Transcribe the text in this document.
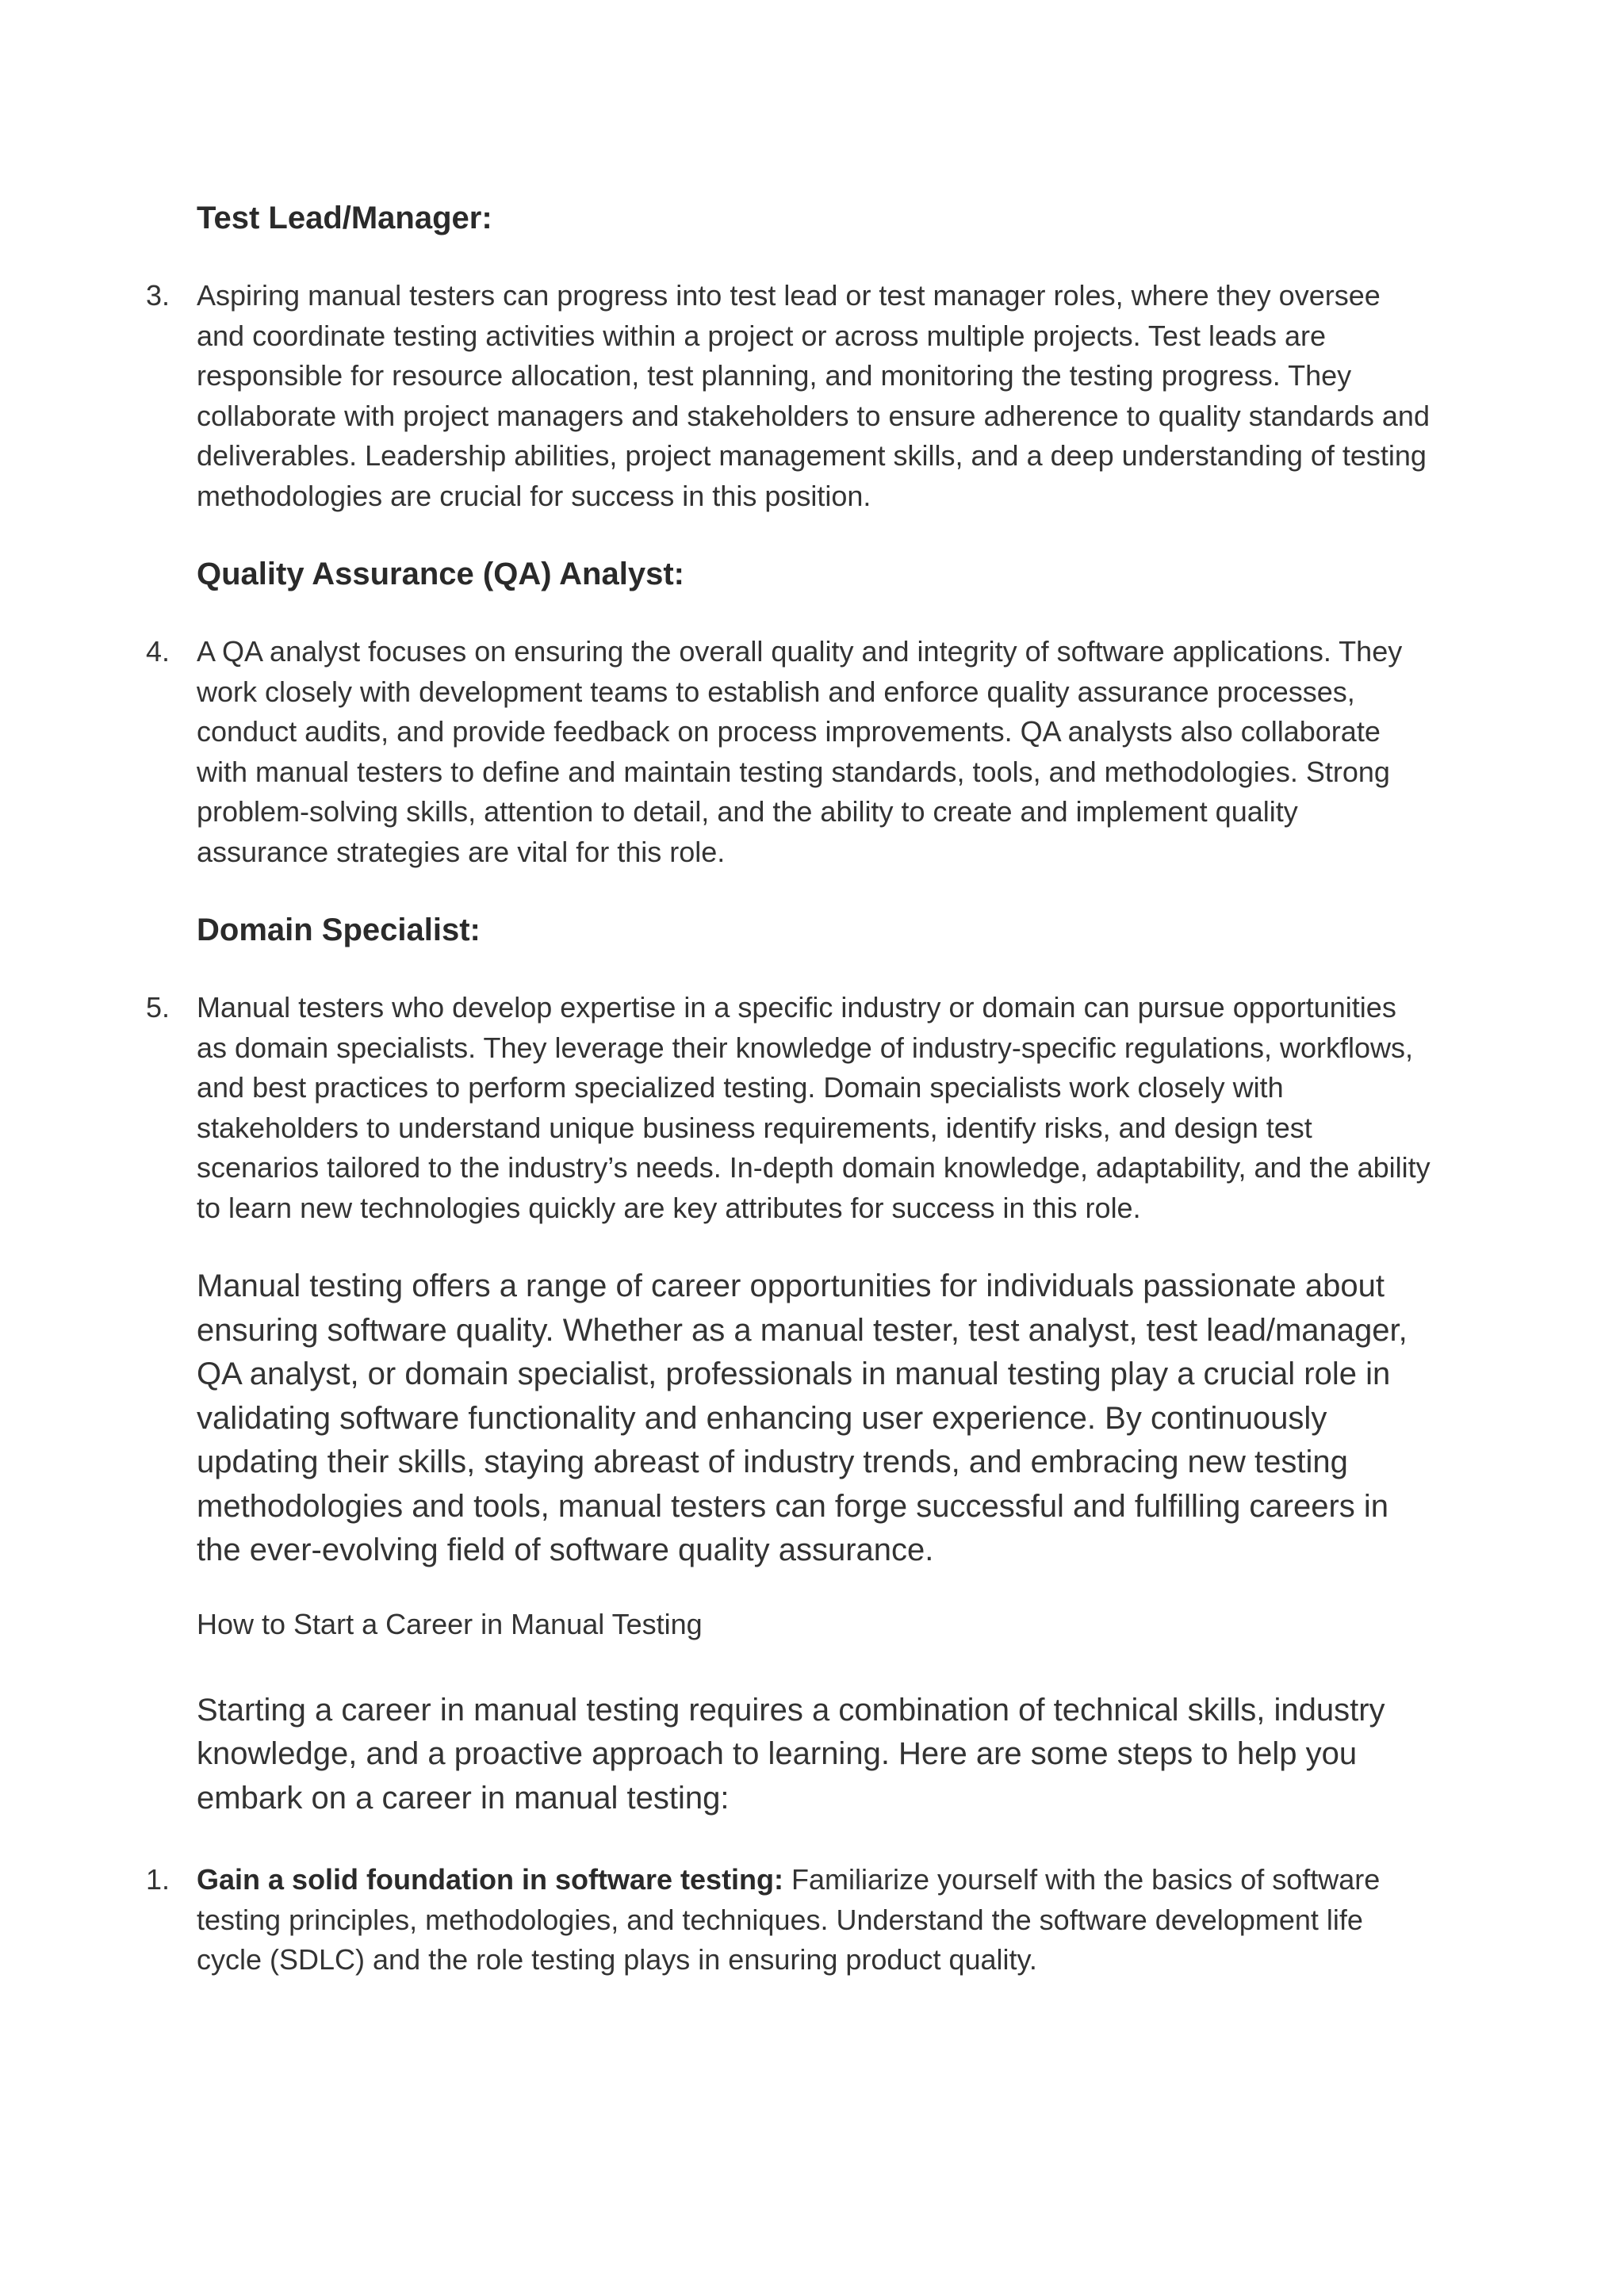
Test Lead/Manager:
3. Aspiring manual testers can progress into test lead or test manager roles, where they oversee and coordinate testing activities within a project or across multiple projects. Test leads are responsible for resource allocation, test planning, and monitoring the testing progress. They collaborate with project managers and stakeholders to ensure adherence to quality standards and deliverables. Leadership abilities, project management skills, and a deep understanding of testing methodologies are crucial for success in this position.
Quality Assurance (QA) Analyst:
4. A QA analyst focuses on ensuring the overall quality and integrity of software applications. They work closely with development teams to establish and enforce quality assurance processes, conduct audits, and provide feedback on process improvements. QA analysts also collaborate with manual testers to define and maintain testing standards, tools, and methodologies. Strong problem-solving skills, attention to detail, and the ability to create and implement quality assurance strategies are vital for this role.
Domain Specialist:
5. Manual testers who develop expertise in a specific industry or domain can pursue opportunities as domain specialists. They leverage their knowledge of industry-specific regulations, workflows, and best practices to perform specialized testing. Domain specialists work closely with stakeholders to understand unique business requirements, identify risks, and design test scenarios tailored to the industry’s needs. In-depth domain knowledge, adaptability, and the ability to learn new technologies quickly are key attributes for success in this role.

Manual testing offers a range of career opportunities for individuals passionate about ensuring software quality. Whether as a manual tester, test analyst, test lead/manager, QA analyst, or domain specialist, professionals in manual testing play a crucial role in validating software functionality and enhancing user experience. By continuously updating their skills, staying abreast of industry trends, and embracing new testing methodologies and tools, manual testers can forge successful and fulfilling careers in the ever-evolving field of software quality assurance.

How to Start a Career in Manual Testing

Starting a career in manual testing requires a combination of technical skills, industry knowledge, and a proactive approach to learning. Here are some steps to help you embark on a career in manual testing:

1. Gain a solid foundation in software testing: Familiarize yourself with the basics of software testing principles, methodologies, and techniques. Understand the software development life cycle (SDLC) and the role testing plays in ensuring product quality.
